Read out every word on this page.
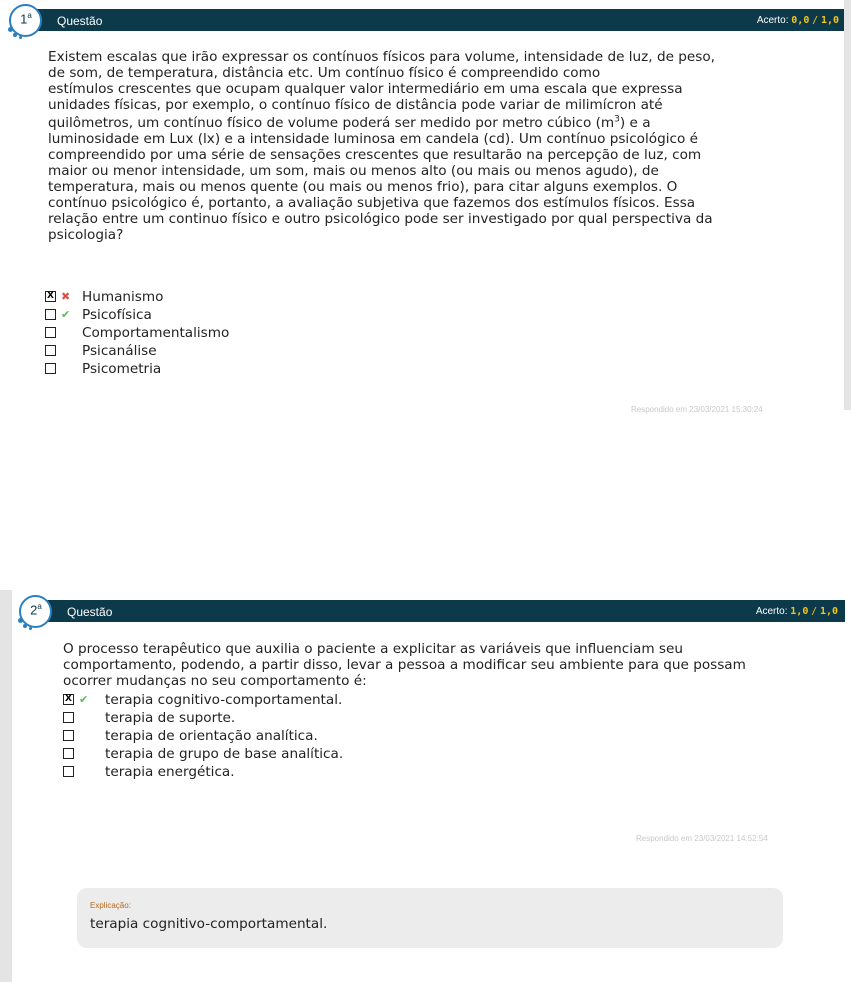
Questão	Acerto: 0,0 / 1,0
1$^a$
Existem escalas que irão expressar os contínuos físicos para volume, intensidade de luz, de peso,
de som, de temperatura, distância etc. Um contínuo físico é compreendido como
estímulos crescentes que ocupam qualquer valor intermediário em uma escala que expressa
unidades físicas, por exemplo, o contínuo físico de distância pode variar de milimícron até
quilômetros, um contínuo físico de volume poderá ser medido por metro cúbico $(m^3)$ e a
luminosidade em Lux (lx) e a intensidade luminosa em candela (cd). Um contínuo psicológico é
compreendido por uma série de sensações crescentes que resultarão na percepção de luz, com
maior ou menor intensidade, um som, mais ou menos alto (ou mais ou menos agudo), de
temperatura, mais ou menos quente (ou mais ou menos frio), para citar alguns exemplos. O
contínuo psicológico é, portanto, a avaliação subjetiva que fazemos dos estímulos físicos. Essa
relação entre um continuo físico e outro psicológico pode ser investigado por qual perspectiva da
psicologia?
X ✖ Humanismo
✔ Psicofísica
Comportamentalismo
Psicanálise
Psicometria
Respondido em 23/03/2021 15:30:24
Questão	Acerto: 1,0 / 1,0
2$^a$
O processo terapêutico que auxilia o paciente a explicitar as variáveis que influenciam seu
comportamento, podendo, a partir disso, levar a pessoa a modificar seu ambiente para que possam
ocorrer mudanças no seu comportamento é:
X ✔ terapia cognitivo-comportamental.
terapia de suporte.
terapia de orientação analítica.
terapia de grupo de base analítica.
terapia energética.
Respondido em 23/03/2021 14:52:54
Explicação:
terapia cognitivo-comportamental.
